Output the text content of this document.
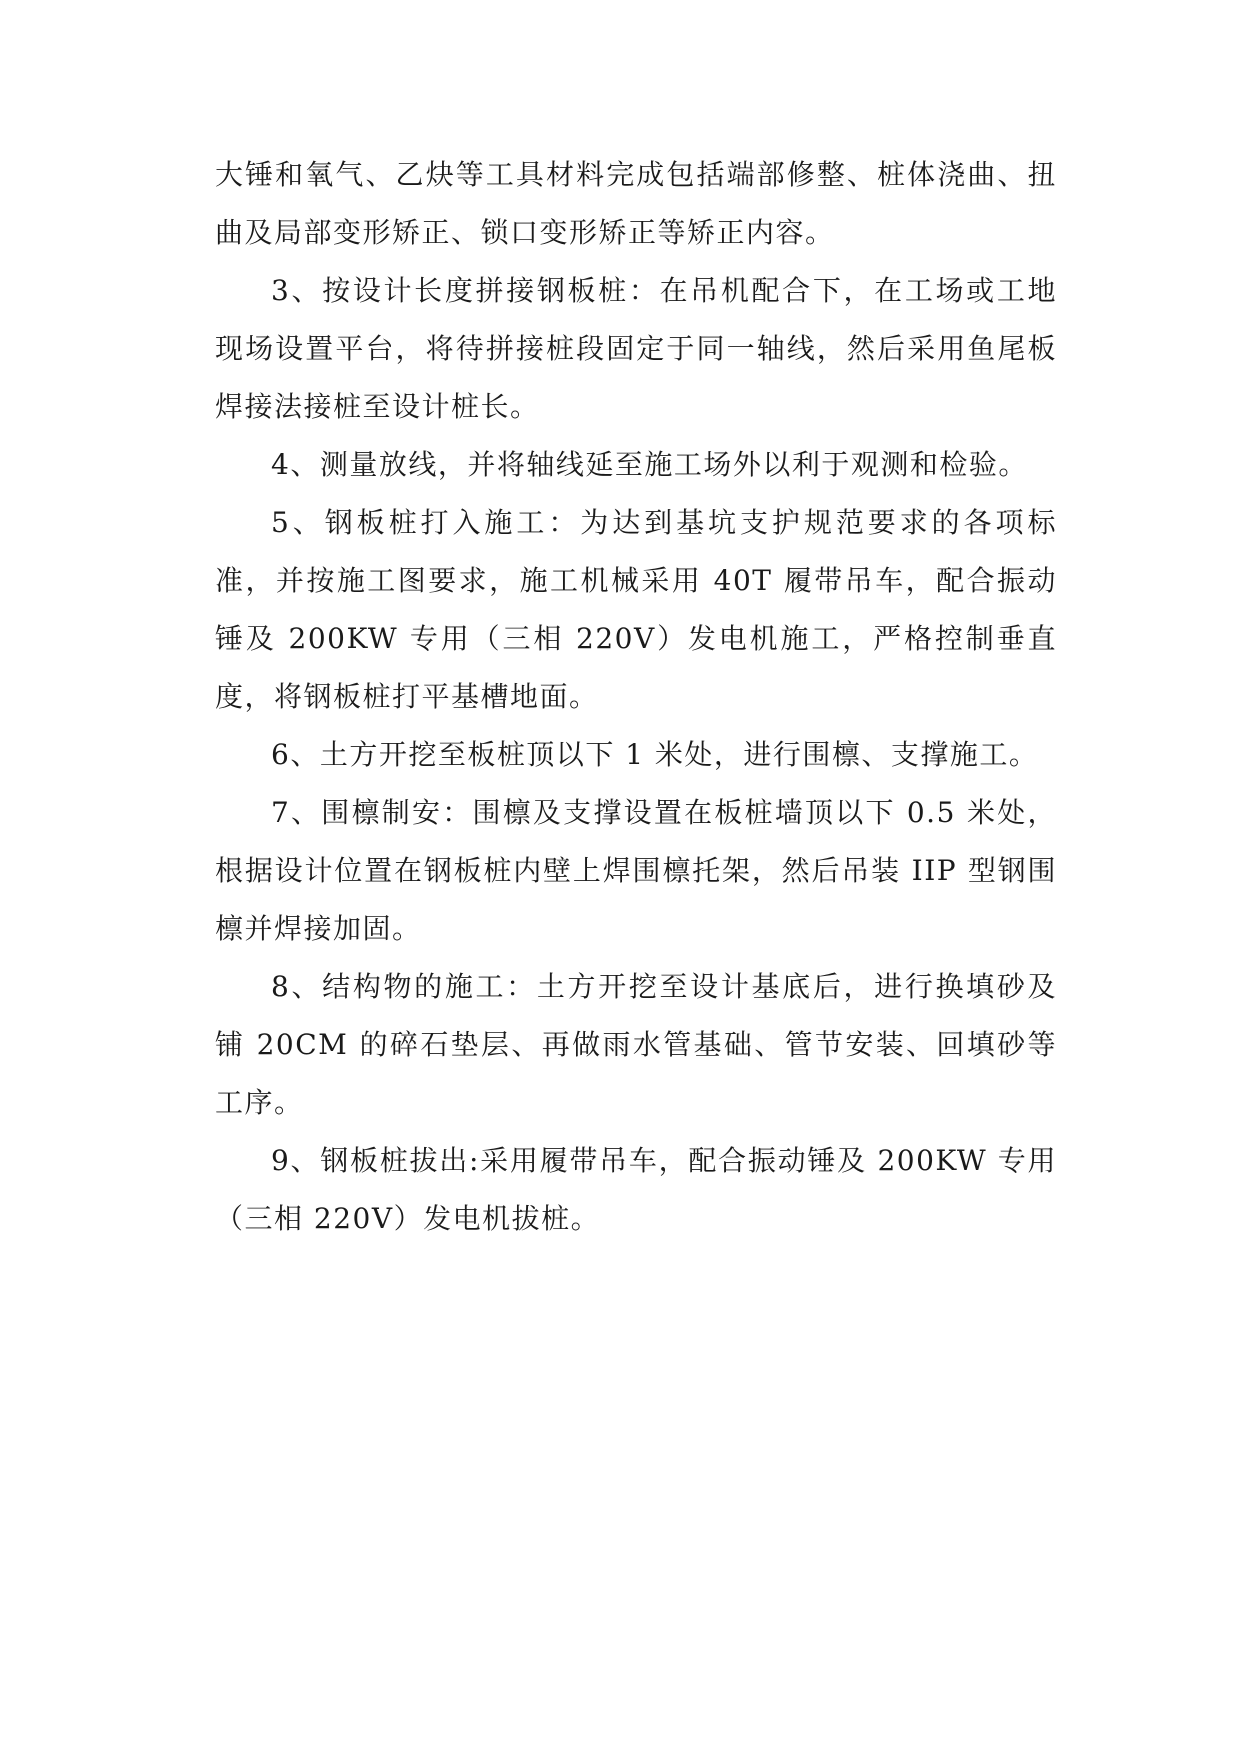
大锤和氧气、乙炔等工具材料完成包括端部修整、桩体浇曲、扭曲及局部变形矫正、锁口变形矫正等矫正内容。

3、按设计长度拼接钢板桩：在吊机配合下，在工场或工地现场设置平台，将待拼接桩段固定于同一轴线，然后采用鱼尾板焊接法接桩至设计桩长。

4、测量放线，并将轴线延至施工场外以利于观测和检验。

5、钢板桩打入施工：为达到基坑支护规范要求的各项标准，并按施工图要求，施工机械采用 40T 履带吊车，配合振动锤及 200KW 专用（三相 220V）发电机施工，严格控制垂直度，将钢板桩打平基槽地面。

6、土方开挖至板桩顶以下 1 米处，进行围檩、支撑施工。

7、围檩制安：围檩及支撑设置在板桩墙顶以下 0.5 米处，根据设计位置在钢板桩内壁上焊围檩托架，然后吊装 IIP 型钢围檩并焊接加固。

8、结构物的施工：土方开挖至设计基底后，进行换填砂及铺 20CM 的碎石垫层、再做雨水管基础、管节安装、回填砂等工序。

9、钢板桩拔出:采用履带吊车，配合振动锤及 200KW 专用（三相 220V）发电机拔桩。
